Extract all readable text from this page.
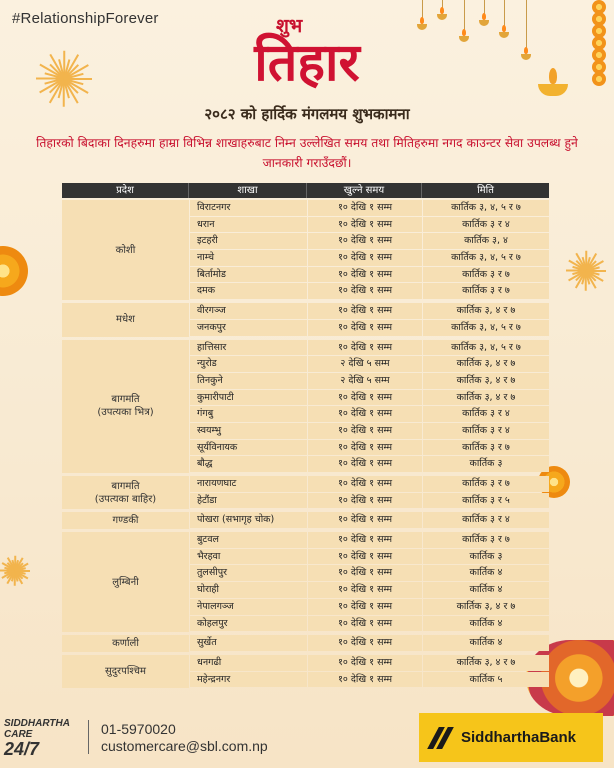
#RelationshipForever	शुभ
तिहार
२०८२ को हार्दिक मंगलमय शुभकामना
तिहारको बिदाका दिनहरुमा हाम्रा विभिन्न शाखाहरुबाट निम्न उल्लेखित समय तथा मितिहरुमा नगद काउन्टर सेवा उपलब्ध हुने जानकारी गराउँदछौं।
प्रदेश	शाखा	खुल्ने समय	मिति
कोशी
विराटनगर	१० देखि १ सम्म	कार्तिक ३, ४, ५ र ७
धरान	१० देखि १ सम्म	कार्तिक ३ र ४
इटहरी	१० देखि १ सम्म	कार्तिक ३, ४
नाम्चे	१० देखि १ सम्म	कार्तिक ३, ४, ५ र ७
बिर्तामोड	१० देखि १ सम्म	कार्तिक ३ र ७
दमक	१० देखि १ सम्म	कार्तिक ३ र ७
मधेश
वीरगञ्ज	१० देखि १ सम्म	कार्तिक ३, ४ र ७
जनकपुर	१० देखि १ सम्म	कार्तिक ३, ४, ५ र ७
बागमति
(उपत्यका भित्र)
हात्तिसार	१० देखि १ सम्म	कार्तिक ३, ४, ५ र ७
न्युरोड	२ देखि ५ सम्म	कार्तिक ३, ४ र ७
तिनकुने	२ देखि ५ सम्म	कार्तिक ३, ४ र ७
कुमारीपाटी	१० देखि १ सम्म	कार्तिक ३, ४ र ७
गंगबु	१० देखि १ सम्म	कार्तिक ३ र ४
स्वयम्भु	१० देखि १ सम्म	कार्तिक ३ र ४
सूर्यविनायक	१० देखि १ सम्म	कार्तिक ३ र ७
बौद्ध	१० देखि १ सम्म	कार्तिक ३
बागमति
(उपत्यका बाहिर)
नारायणघाट	१० देखि १ सम्म	कार्तिक ३ र ७
हेटौंडा	१० देखि १ सम्म	कार्तिक ३ र ५
गण्डकी	पोखरा (सभागृह चोक)	१० देखि १ सम्म	कार्तिक ३ र ४
लुम्बिनी
बुटवल	१० देखि १ सम्म	कार्तिक ३ र ७
भैरहवा	१० देखि १ सम्म	कार्तिक ३
तुलसीपुर	१० देखि १ सम्म	कार्तिक ४
घोराही	१० देखि १ सम्म	कार्तिक ४
नेपालगञ्ज	१० देखि १ सम्म	कार्तिक ३, ४ र ७
कोहलपुर	१० देखि १ सम्म	कार्तिक ४
कर्णाली	सुर्खेत	१० देखि १ सम्म	कार्तिक ४
सुदुरपश्चिम
धनगढी	१० देखि १ सम्म	कार्तिक ३, ४ र ७
महेन्द्रनगर	१० देखि १ सम्म	कार्तिक ५
SIDDHARTHA
CARE
24/7
01-5970020
customercare@sbl.com.np	SiddharthaBank
